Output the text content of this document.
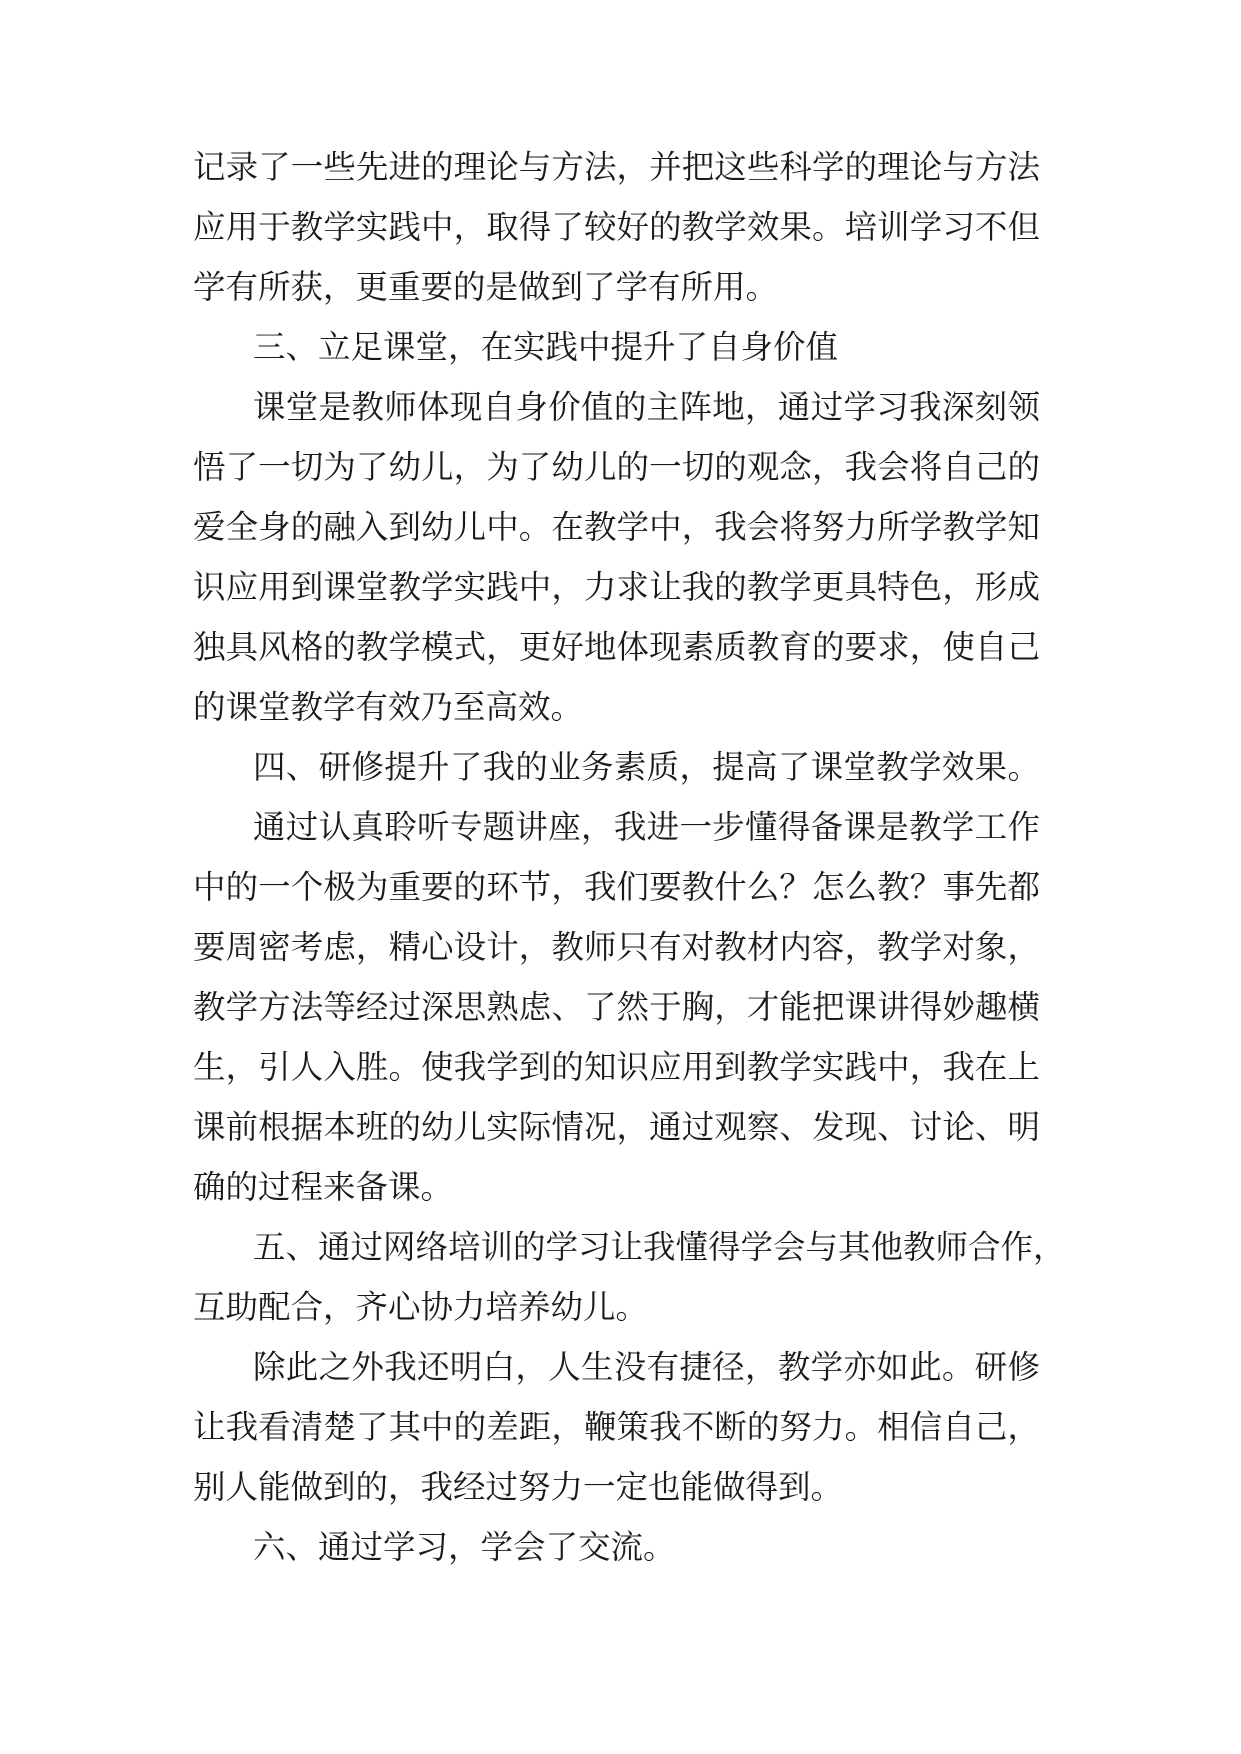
记录了一些先进的理论与方法，并把这些科学的理论与方法
应用于教学实践中，取得了较好的教学效果。培训学习不但
学有所获，更重要的是做到了学有所用。
三、立足课堂，在实践中提升了自身价值
课堂是教师体现自身价值的主阵地，通过学习我深刻领
悟了一切为了幼儿，为了幼儿的一切的观念，我会将自己的
爱全身的融入到幼儿中。在教学中，我会将努力所学教学知
识应用到课堂教学实践中，力求让我的教学更具特色，形成
独具风格的教学模式，更好地体现素质教育的要求，使自己
的课堂教学有效乃至高效。
四、研修提升了我的业务素质，提高了课堂教学效果。
通过认真聆听专题讲座，我进一步懂得备课是教学工作
中的一个极为重要的环节，我们要教什么？怎么教？事先都
要周密考虑，精心设计，教师只有对教材内容，教学对象，
教学方法等经过深思熟虑、了然于胸，才能把课讲得妙趣横
生，引人入胜。使我学到的知识应用到教学实践中，我在上
课前根据本班的幼儿实际情况，通过观察、发现、讨论、明
确的过程来备课。
五、通过网络培训的学习让我懂得学会与其他教师合作，
互助配合，齐心协力培养幼儿。
除此之外我还明白，人生没有捷径，教学亦如此。研修
让我看清楚了其中的差距，鞭策我不断的努力。相信自己，
别人能做到的，我经过努力一定也能做得到。
六、通过学习，学会了交流。
